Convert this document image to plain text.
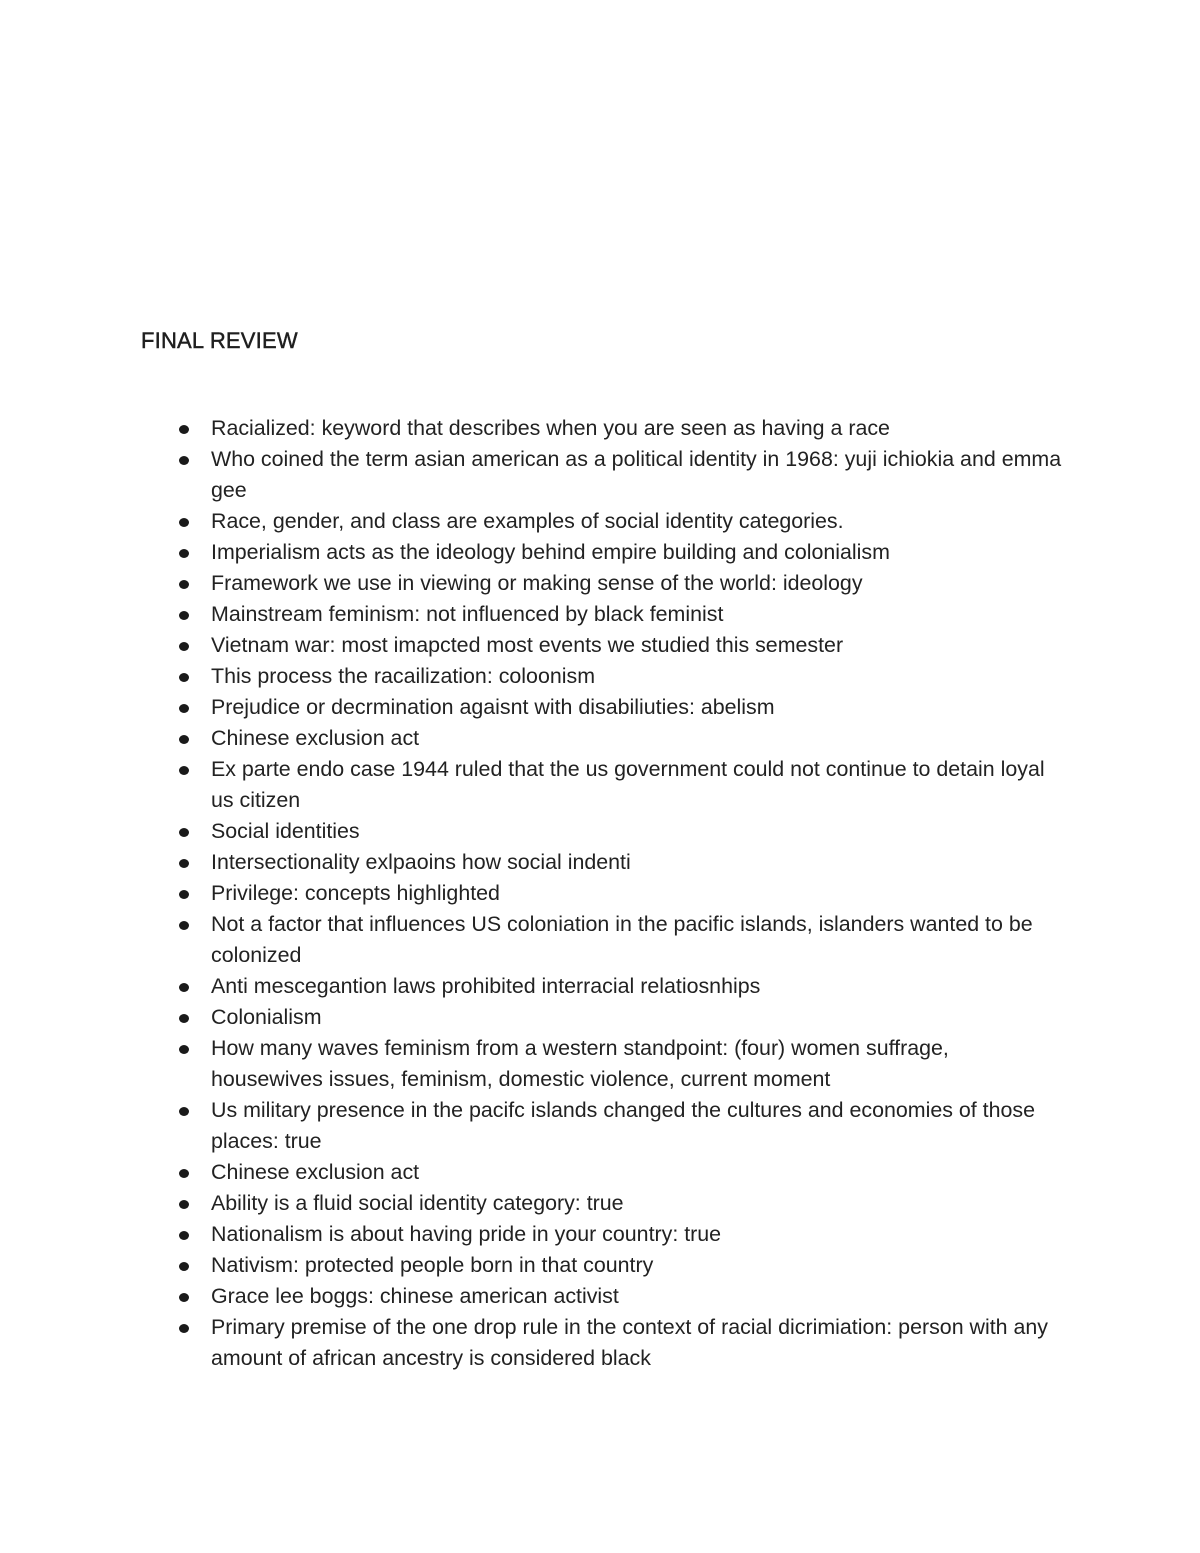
FINAL REVIEW
Racialized: keyword that describes when you are seen as having a race
Who coined the term asian american as a political identity in 1968: yuji ichiokia and emma gee
Race, gender, and class are examples of social identity categories.
Imperialism acts as the ideology behind empire building and colonialism
Framework we use in viewing or making sense of the world: ideology
Mainstream feminism: not influenced by black feminist
Vietnam war: most imapcted most events we studied this semester
This process the racailization: coloonism
Prejudice or decrmination agaisnt with disabiliuties: abelism
Chinese exclusion act
Ex parte endo case 1944 ruled that the us government could not continue to detain loyal us citizen
Social identities
Intersectionality exlpaoins how social indenti
Privilege: concepts highlighted
Not a factor that influences US coloniation in the pacific islands, islanders wanted to be colonized
Anti mescegantion laws prohibited interracial relatiosnhips
Colonialism
How many waves feminism from a western standpoint: (four) women suffrage, housewives issues, feminism, domestic violence, current moment
Us military presence in the pacifc islands changed the cultures and economies of those places: true
Chinese exclusion act
Ability is a fluid social identity category: true
Nationalism is about having pride in your country: true
Nativism: protected people born in that country
Grace lee boggs: chinese american activist
Primary premise of the one drop rule in the context of racial dicrimiation: person with any amount of african ancestry is considered black
